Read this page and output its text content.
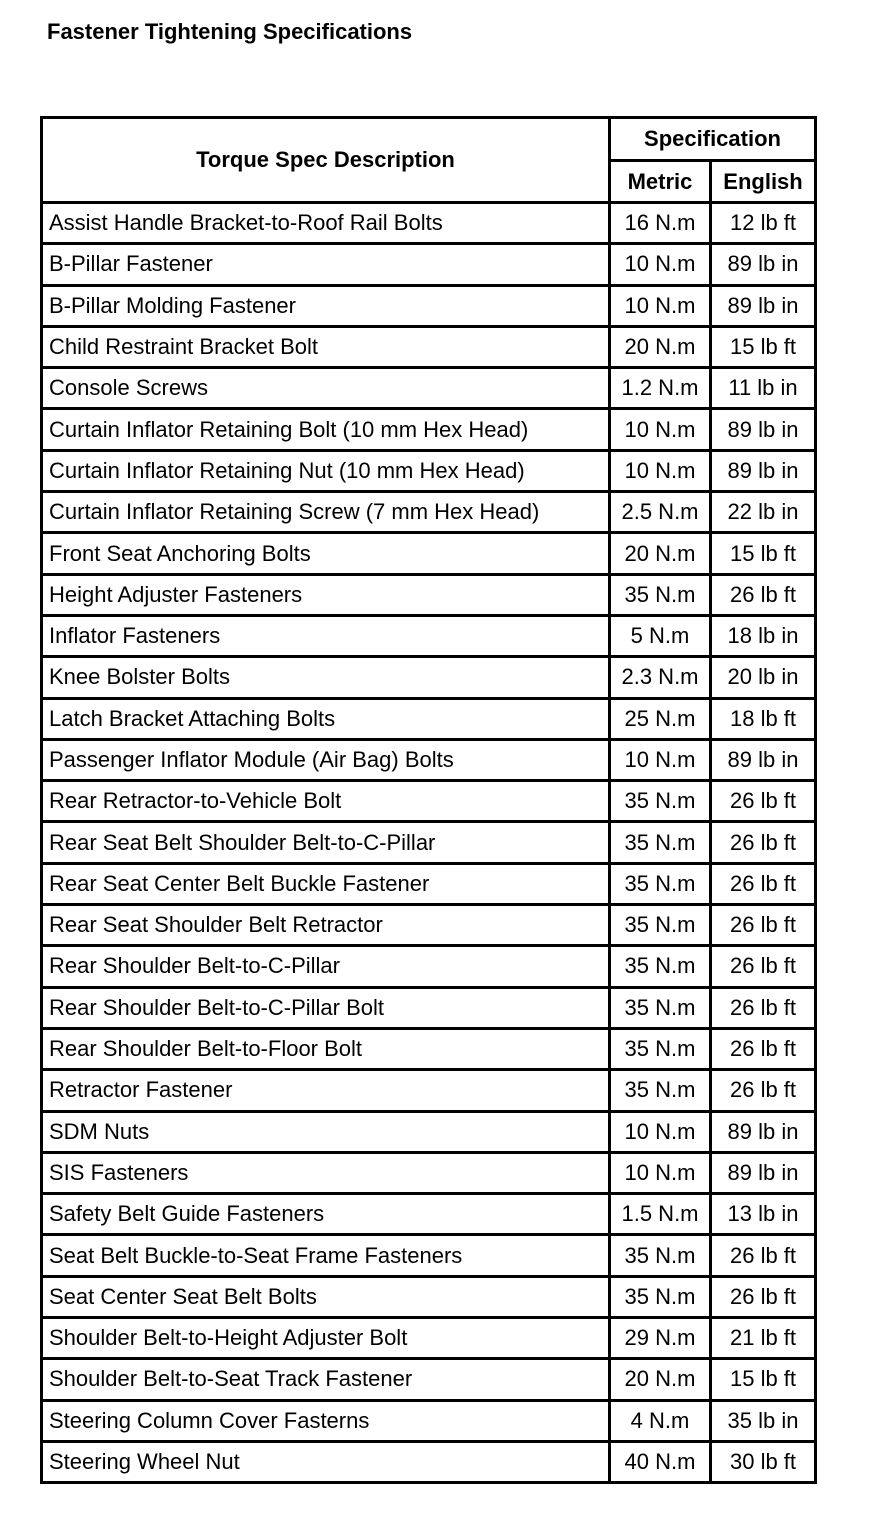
Fastener Tightening Specifications
Torque Spec Description	Specification	
	Metric	English
Assist Handle Bracket-to-Roof Rail Bolts	16 N.m	12 lb ft
B-Pillar Fastener	10 N.m	89 lb in
B-Pillar Molding Fastener	10 N.m	89 lb in
Child Restraint Bracket Bolt	20 N.m	15 lb ft
Console Screws	1.2 N.m	11 lb in
Curtain Inflator Retaining Bolt (10 mm Hex Head)	10 N.m	89 lb in
Curtain Inflator Retaining Nut (10 mm Hex Head)	10 N.m	89 lb in
Curtain Inflator Retaining Screw (7 mm Hex Head)	2.5 N.m	22 lb in
Front Seat Anchoring Bolts	20 N.m	15 lb ft
Height Adjuster Fasteners	35 N.m	26 lb ft
Inflator Fasteners	5 N.m	18 lb in
Knee Bolster Bolts	2.3 N.m	20 lb in
Latch Bracket Attaching Bolts	25 N.m	18 lb ft
Passenger Inflator Module (Air Bag) Bolts	10 N.m	89 lb in
Rear Retractor-to-Vehicle Bolt	35 N.m	26 lb ft
Rear Seat Belt Shoulder Belt-to-C-Pillar	35 N.m	26 lb ft
Rear Seat Center Belt Buckle Fastener	35 N.m	26 lb ft
Rear Seat Shoulder Belt Retractor	35 N.m	26 lb ft
Rear Shoulder Belt-to-C-Pillar	35 N.m	26 lb ft
Rear Shoulder Belt-to-C-Pillar Bolt	35 N.m	26 lb ft
Rear Shoulder Belt-to-Floor Bolt	35 N.m	26 lb ft
Retractor Fastener	35 N.m	26 lb ft
SDM Nuts	10 N.m	89 lb in
SIS Fasteners	10 N.m	89 lb in
Safety Belt Guide Fasteners	1.5 N.m	13 lb in
Seat Belt Buckle-to-Seat Frame Fasteners	35 N.m	26 lb ft
Seat Center Seat Belt Bolts	35 N.m	26 lb ft
Shoulder Belt-to-Height Adjuster Bolt	29 N.m	21 lb ft
Shoulder Belt-to-Seat Track Fastener	20 N.m	15 lb ft
Steering Column Cover Fasterns	4 N.m	35 lb in
Steering Wheel Nut	40 N.m	30 lb ft
